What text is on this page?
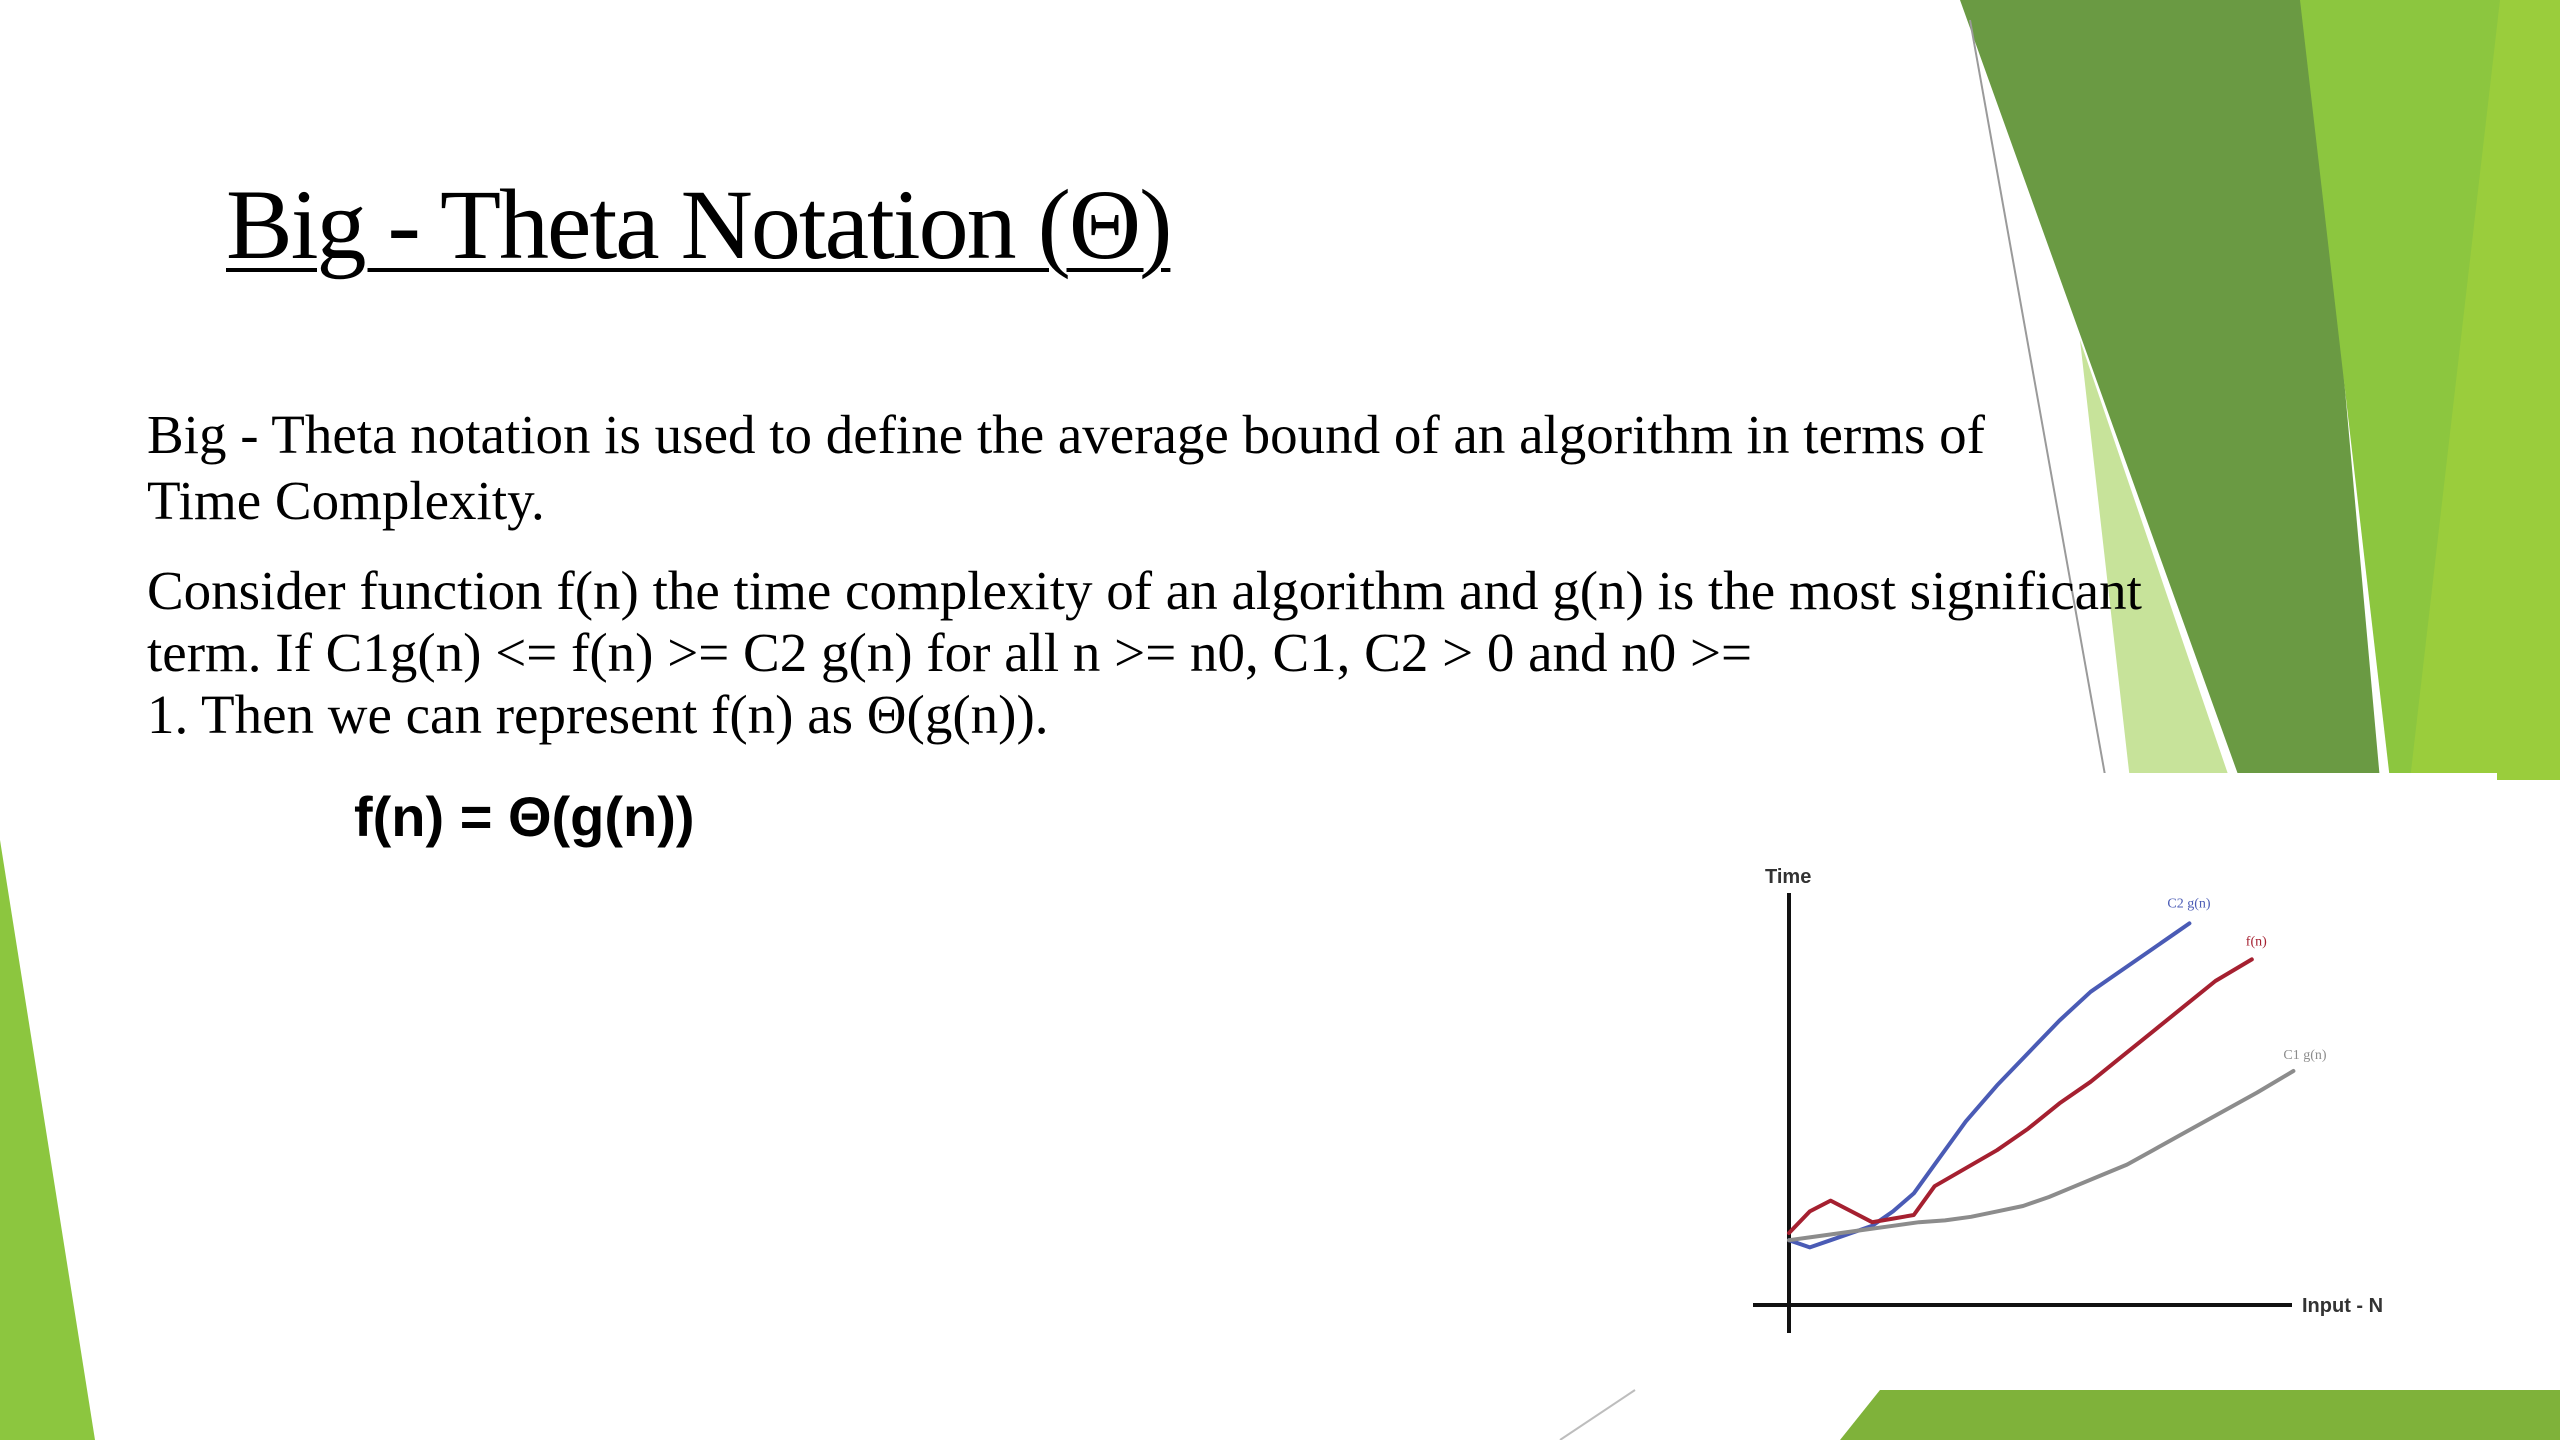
Big - Theta Notation (Θ)
Big - Theta notation is used to define the average bound of an algorithm in terms of
Time Complexity.
Consider function f(n) the time complexity of an algorithm and g(n) is the most significant
term. If C1g(n) <= f(n) >= C2 g(n) for all n >= n0, C1, C2 > 0 and n0 >=
1. Then we can represent f(n) as Θ(g(n)).
f(n) = Θ(g(n))
Time
Input - N
C2 g(n)
f(n)
C1 g(n)
